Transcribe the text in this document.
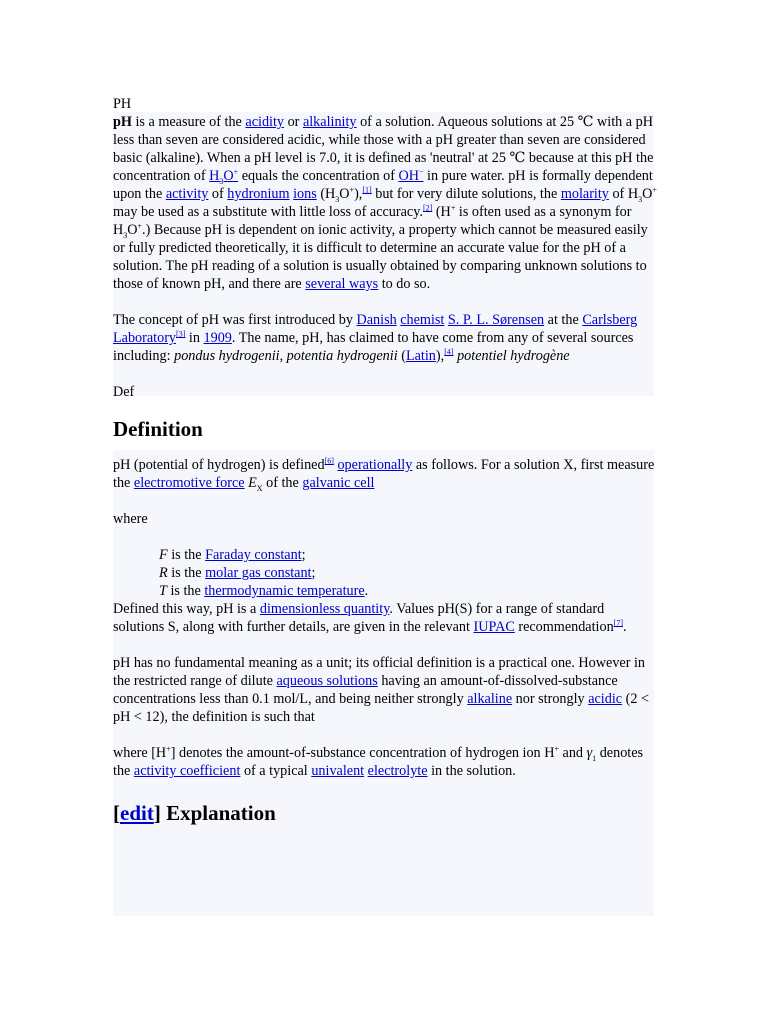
PH

pH is a measure of the acidity or alkalinity of a solution. Aqueous solutions at 25 ℃ with a pH less than seven are considered acidic, while those with a pH greater than seven are considered basic (alkaline). When a pH level is 7.0, it is defined as 'neutral' at 25 ℃ because at this pH the concentration of $H_3O^+$ equals the concentration of OH− in pure water. pH is formally dependent upon the activity of hydronium ions $(H_3O^+),[1]$ but for very dilute solutions, the molarity of $H_3O^+$ may be used as a substitute with little loss of accuracy.[2] (H+ is often used as a synonym for $H_3O^+$.) Because pH is dependent on ionic activity, a property which cannot be measured easily or fully predicted theoretically, it is difficult to determine an accurate value for the pH of a solution. The pH reading of a solution is usually obtained by comparing unknown solutions to those of known pH, and there are several ways to do so.

The concept of pH was first introduced by Danish chemist S. P. L. Sørensen at the Carlsberg Laboratory[3] in 1909. The name, pH, has claimed to have come from any of several sources including: pondus hydrogenii, potentia hydrogenii (Latin),[4] potentiel hydrogène

Def

Definition

pH (potential of hydrogen) is defined[6] operationally as follows. For a solution X, first measure the electromotive force $E_X$ of the galvanic cell

where

F is the Faraday constant;
R is the molar gas constant;
T is the thermodynamic temperature.

Defined this way, pH is a dimensionless quantity. Values pH(S) for a range of standard solutions S, along with further details, are given in the relevant IUPAC recommendation[7].

pH has no fundamental meaning as a unit; its official definition is a practical one. However in the restricted range of dilute aqueous solutions having an amount-of-dissolved-substance concentrations less than 0.1 mol/L, and being neither strongly alkaline nor strongly acidic (2 < pH < 12), the definition is such that

where [H+] denotes the amount-of-substance concentration of hydrogen ion H+ and $\gamma_1$ denotes the activity coefficient of a typical univalent electrolyte in the solution.

[edit] Explanation
